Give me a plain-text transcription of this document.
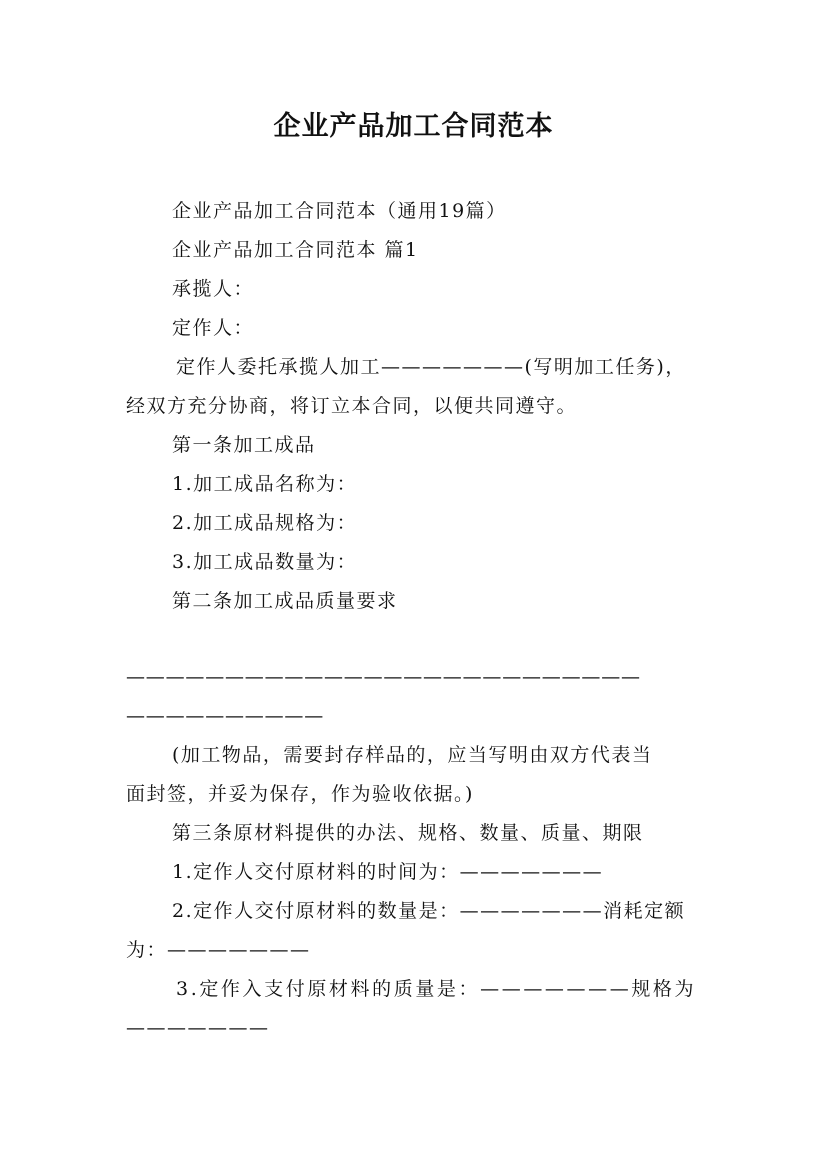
企业产品加工合同范本
企业产品加工合同范本（通用19篇）
企业产品加工合同范本 篇1
承揽人：
定作人：
定作人委托承揽人加工———————(写明加工任务)，
经双方充分协商，将订立本合同，以便共同遵守。
第一条加工成品
1.加工成品名称为：
2.加工成品规格为：
3.加工成品数量为：
第二条加工成品质量要求
——————————————————————————
——————————
(加工物品，需要封存样品的，应当写明由双方代表当
面封签，并妥为保存，作为验收依据。)
第三条原材料提供的办法、规格、数量、质量、期限
1.定作人交付原材料的时间为：———————
2.定作人交付原材料的数量是：———————消耗定额
为：———————
3.定作入支付原材料的质量是：———————规格为
———————
